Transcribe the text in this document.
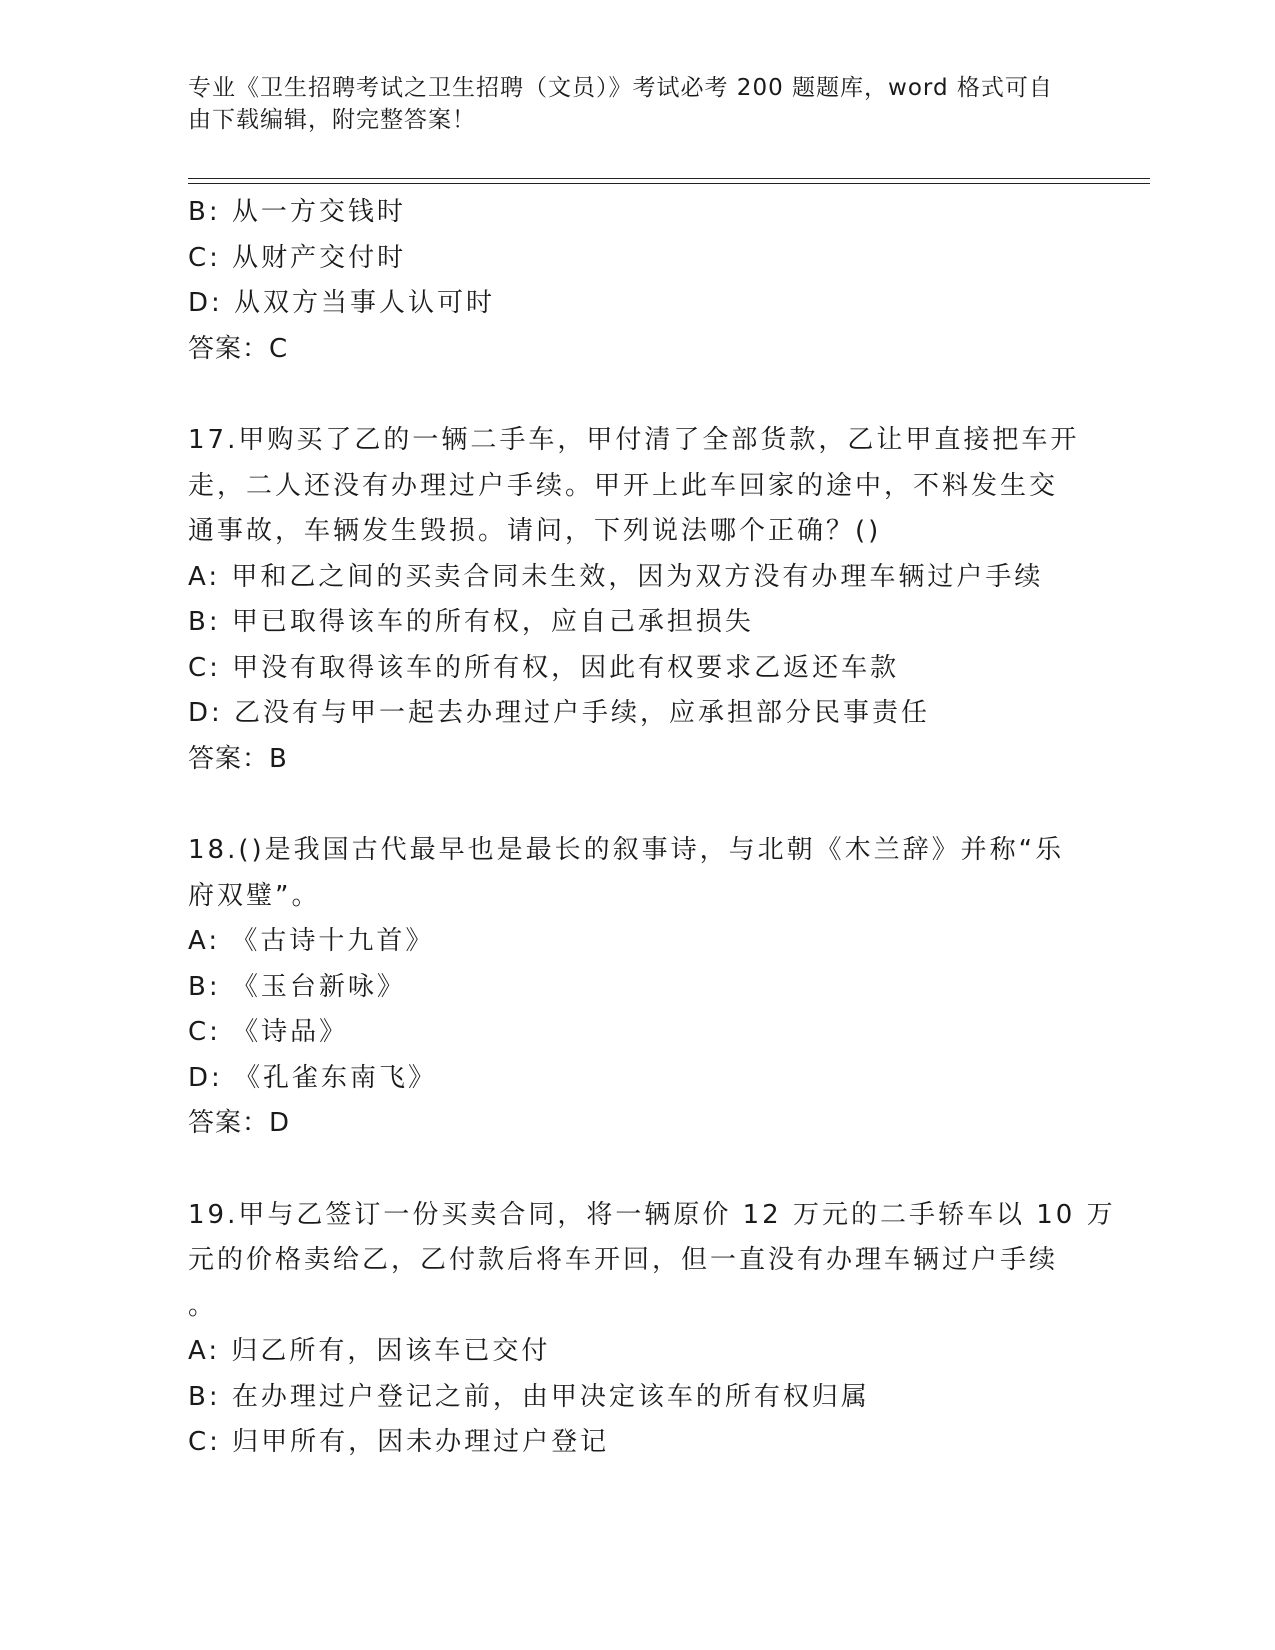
专业《卫生招聘考试之卫生招聘（文员）》考试必考 200 题题库，word 格式可自
由下载编辑，附完整答案！
B: 从一方交钱时
C: 从财产交付时
D: 从双方当事人认可时
答案：C
17.甲购买了乙的一辆二手车，甲付清了全部货款，乙让甲直接把车开
走，二人还没有办理过户手续。甲开上此车回家的途中，不料发生交
通事故，车辆发生毁损。请问，下列说法哪个正确？()
A: 甲和乙之间的买卖合同未生效，因为双方没有办理车辆过户手续
B: 甲已取得该车的所有权，应自己承担损失
C: 甲没有取得该车的所有权，因此有权要求乙返还车款
D: 乙没有与甲一起去办理过户手续，应承担部分民事责任
答案：B
18.()是我国古代最早也是最长的叙事诗，与北朝《木兰辞》并称“乐
府双璧”。
A: 《古诗十九首》
B: 《玉台新咏》
C: 《诗品》
D: 《孔雀东南飞》
答案：D
19.甲与乙签订一份买卖合同，将一辆原价 12 万元的二手轿车以 10 万
元的价格卖给乙，乙付款后将车开回，但一直没有办理车辆过户手续
。
A: 归乙所有，因该车已交付
B: 在办理过户登记之前，由甲决定该车的所有权归属
C: 归甲所有，因未办理过户登记
